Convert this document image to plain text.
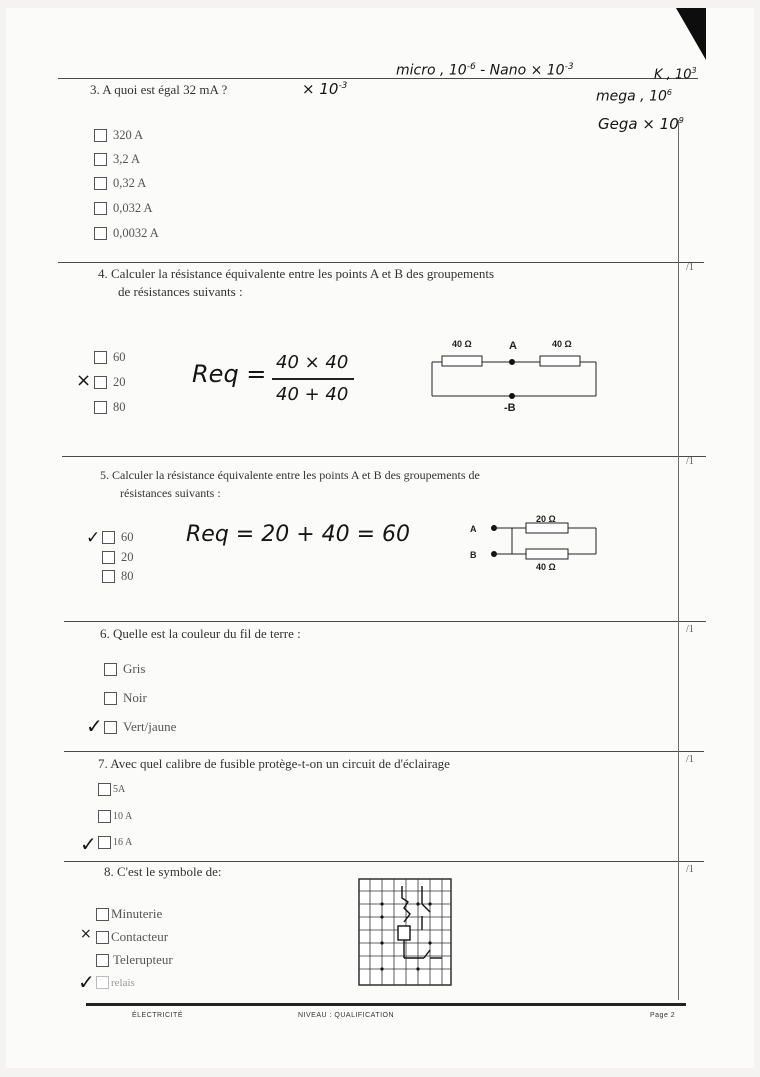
3. A quoi est égal 32 mA ?	× $10^{-3}$
micro , $10^{-6}$ - Nano × $10^{-3}$
K , $10^3$
mega , $10^6$
Gega × $10^9$
320 A
3,2 A
0,32 A
0,032 A
0,0032 A
4. Calculer la résistance équivalente entre les points A et B des groupements
de résistances suivants :
/1
60
20
80
×	Req = 40 × 40
40 + 40
40 Ω	40 Ω
A
-B
5. Calculer la résistance équivalente entre les points A et B des groupements de
résistances suivants :
/1
60
20
80
✓	Req = 20 + 40 = 60
20 Ω
40 Ω
A
B
6. Quelle est la couleur du fil de terre :	/1
Gris
Noir
Vert/jaune
✓
7. Avec quel calibre de fusible protège-t-on un circuit de d'éclairage	/1
5A
10 A
16 A
✓
8. C'est le symbole de:	/1
Minuterie
Contacteur
Telerupteur
relais
×
✓
ÉLECTRICITÉ	NIVEAU : QUALIFICATION	Page 2
